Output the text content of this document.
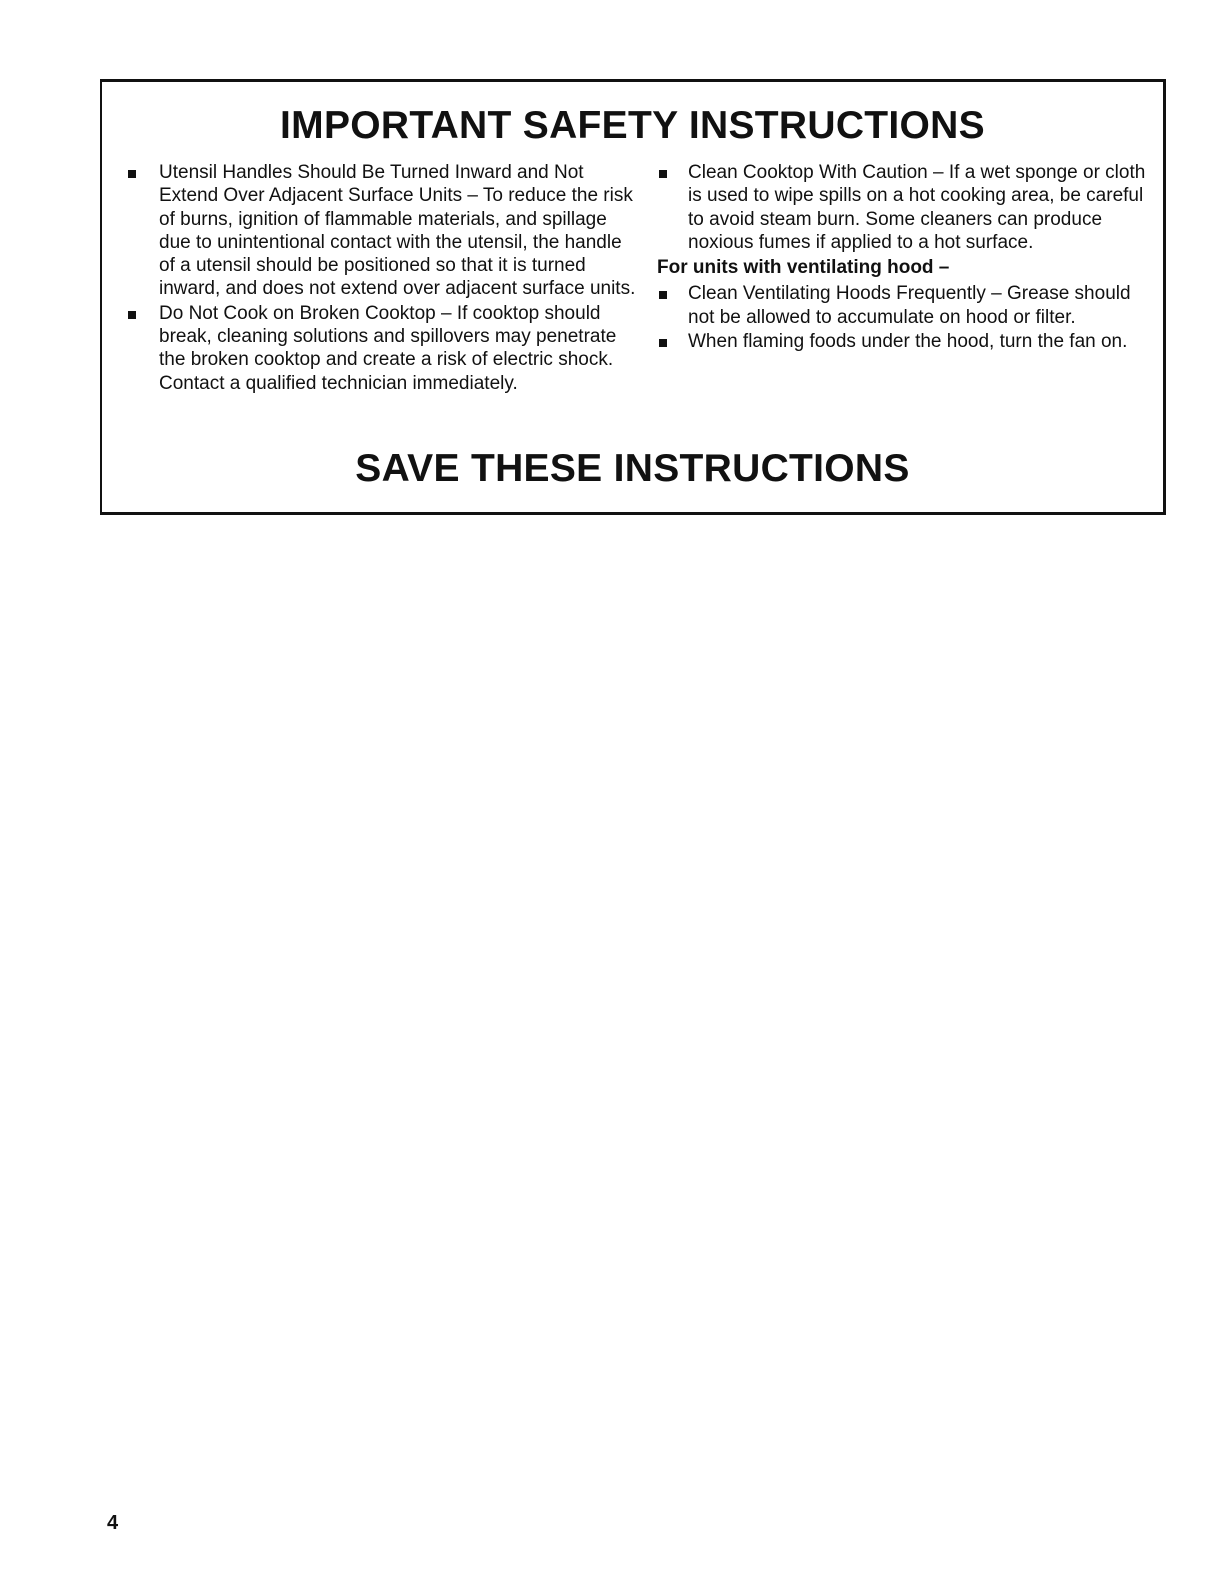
IMPORTANT SAFETY INSTRUCTIONS
Utensil Handles Should Be Turned Inward and Not Extend Over Adjacent Surface Units – To reduce the risk of burns, ignition of flammable materials, and spillage due to unintentional contact with the utensil, the handle of a utensil should be positioned so that it is turned inward, and does not extend over adjacent surface units.
Do Not Cook on Broken Cooktop – If cooktop should break, cleaning solutions and spillovers may penetrate the broken cooktop and create a risk of electric shock. Contact a qualified technician immediately.
Clean Cooktop With Caution – If a wet sponge or cloth is used to wipe spills on a hot cooking area, be careful to avoid steam burn. Some cleaners can produce noxious fumes if applied to a hot surface.
For units with ventilating hood –
Clean Ventilating Hoods Frequently – Grease should not be allowed to accumulate on hood or filter.
When flaming foods under the hood, turn the fan on.
SAVE THESE INSTRUCTIONS
4
